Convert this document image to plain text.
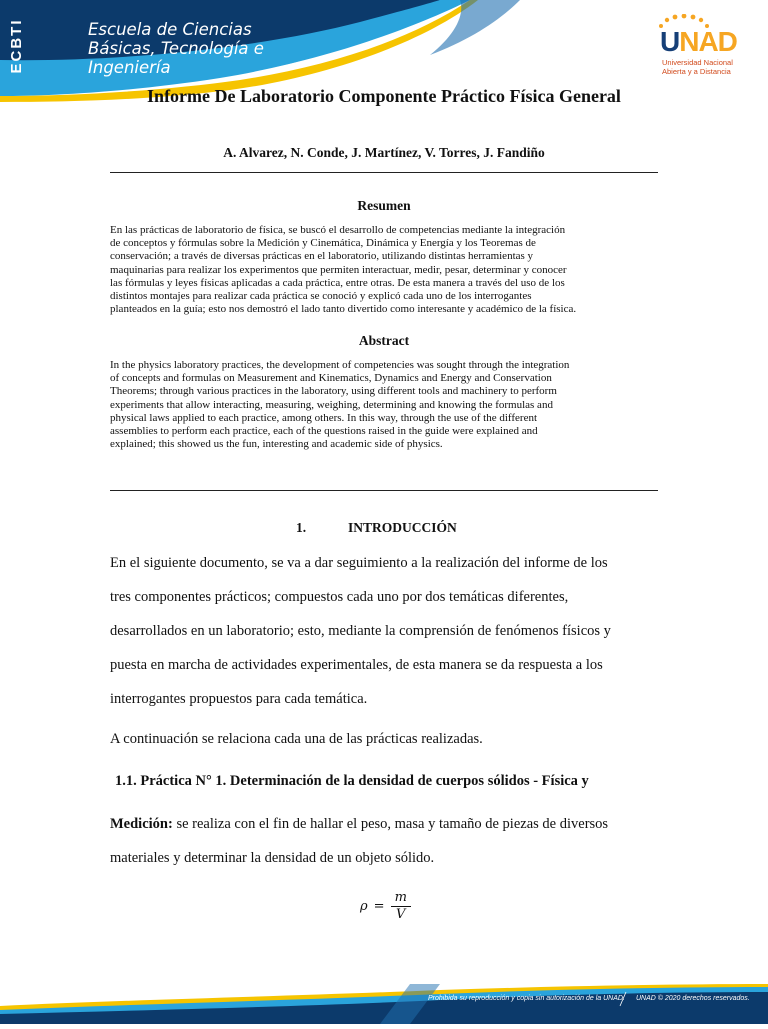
ECBTI	Escuela de Ciencias
Básicas, Tecnología e
Ingeniería
UNAD
Universidad Nacional
Abierta y a Distancia
Informe De Laboratorio Componente Práctico Física General
A. Alvarez, N. Conde, J. Martínez, V. Torres, J. Fandiño
Resumen
En las prácticas de laboratorio de física, se buscó el desarrollo de competencias mediante la integración
de conceptos y fórmulas sobre la Medición y Cinemática, Dinámica y Energía y los Teoremas de
conservación; a través de diversas prácticas en el laboratorio, utilizando distintas herramientas y
maquinarias para realizar los experimentos que permiten interactuar, medir, pesar, determinar y conocer
las fórmulas y leyes físicas aplicadas a cada práctica, entre otras. De esta manera a través del uso de los
distintos montajes para realizar cada práctica se conoció y explicó cada uno de los interrogantes
planteados en la guía; esto nos demostró el lado tanto divertido como interesante y académico de la física.
Abstract
In the physics laboratory practices, the development of competencies was sought through the integration
of concepts and formulas on Measurement and Kinematics, Dynamics and Energy and Conservation
Theorems; through various practices in the laboratory, using different tools and machinery to perform
experiments that allow interacting, measuring, weighing, determining and knowing the formulas and
physical laws applied to each practice, among others. In this way, through the use of the different
assemblies to perform each practice, each of the questions raised in the guide were explained and
explained; this showed us the fun, interesting and academic side of physics.
1.	INTRODUCCIÓN
En el siguiente documento, se va a dar seguimiento a la realización del informe de los
tres componentes prácticos; compuestos cada uno por dos temáticas diferentes,
desarrollados en un laboratorio; esto, mediante la comprensión de fenómenos físicos y
puesta en marcha de actividades experimentales, de esta manera se da respuesta a los
interrogantes propuestos para cada temática.
A continuación se relaciona cada una de las prácticas realizadas.
1.1. Práctica N° 1. Determinación de la densidad de cuerpos sólidos - Física y
Medición: se realiza con el fin de hallar el peso, masa y tamaño de piezas de diversos
materiales y determinar la densidad de un objeto sólido.
$\rho = \frac{m}{V}$
Prohibida su reproducción y copia sin autorización de la UNAD. UNAD © 2020 derechos reservados.
